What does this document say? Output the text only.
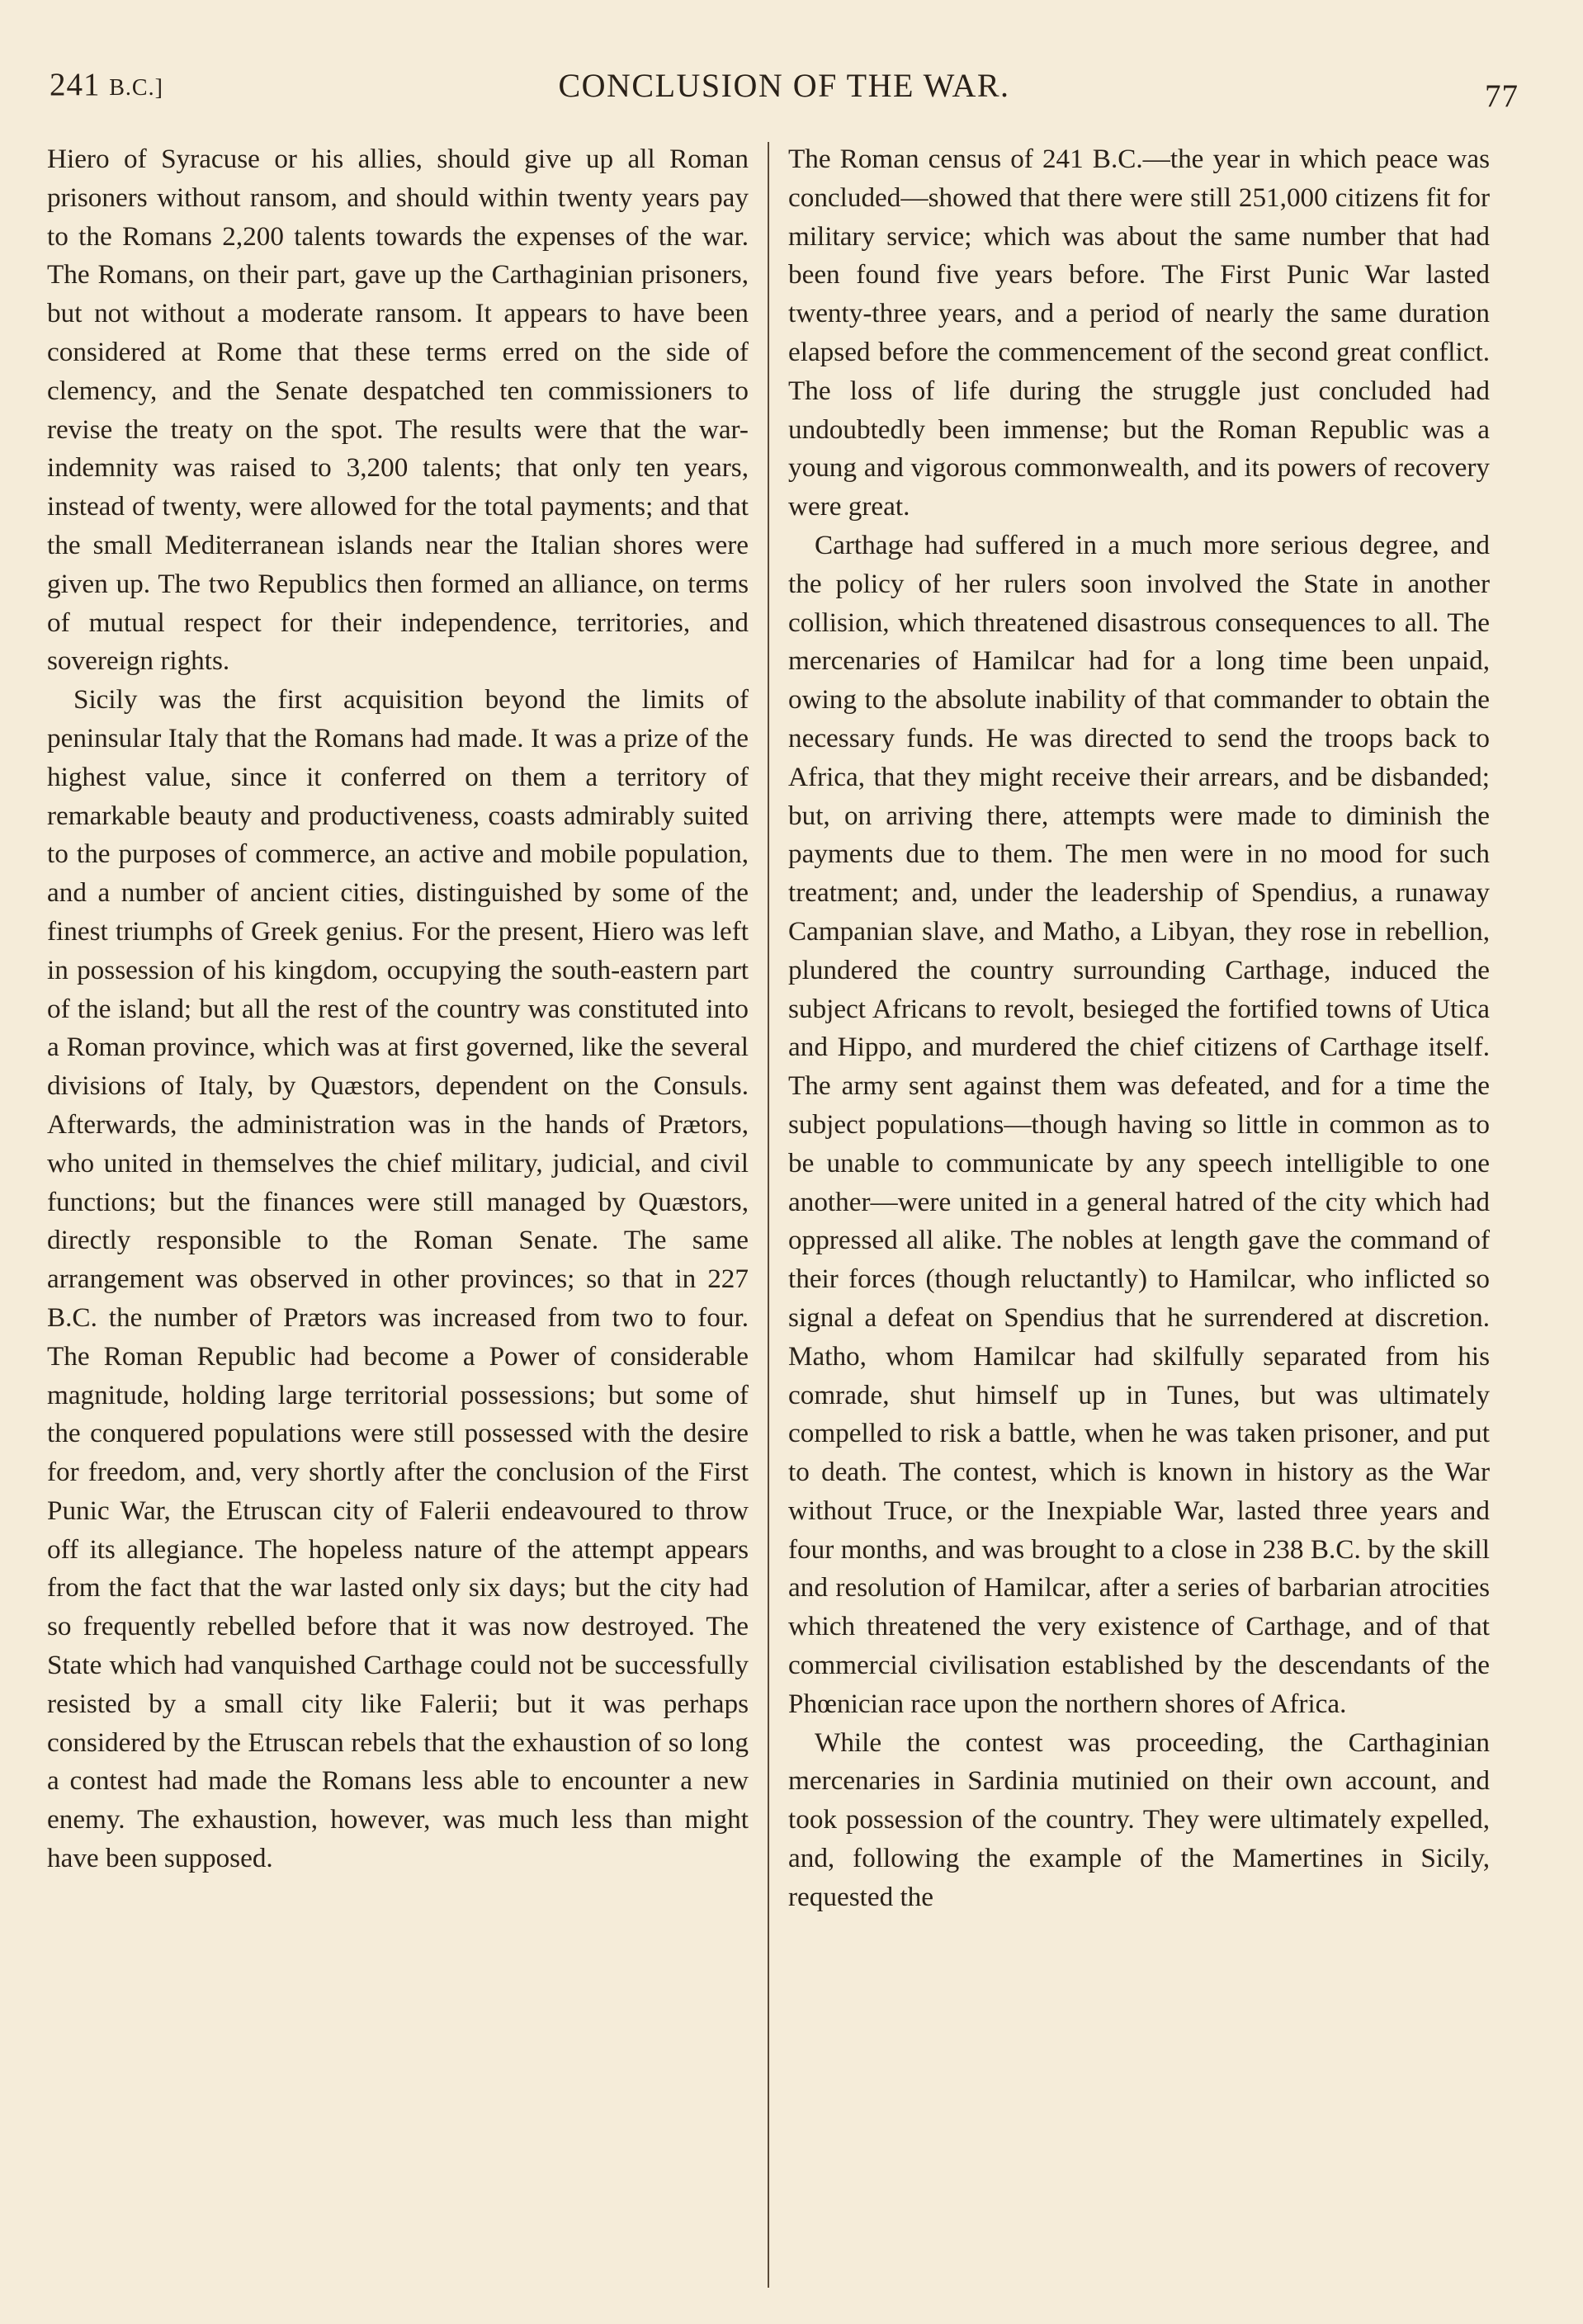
241 B.C.]	CONCLUSION OF THE WAR.	77

Hiero of Syracuse or his allies, should give up all Roman prisoners without ransom, and should within twenty years pay to the Romans 2,200 talents towards the expenses of the war. The Romans, on their part, gave up the Carthaginian prisoners, but not without a moderate ransom. It appears to have been considered at Rome that these terms erred on the side of clemency, and the Senate despatched ten commissioners to revise the treaty on the spot. The results were that the war-indemnity was raised to 3,200 talents; that only ten years, instead of twenty, were allowed for the total payments; and that the small Mediterranean islands near the Italian shores were given up. The two Republics then formed an alliance, on terms of mutual respect for their independence, territories, and sovereign rights.

Sicily was the first acquisition beyond the limits of peninsular Italy that the Romans had made. It was a prize of the highest value, since it conferred on them a territory of remarkable beauty and productiveness, coasts admirably suited to the purposes of commerce, an active and mobile population, and a number of ancient cities, distinguished by some of the finest triumphs of Greek genius. For the present, Hiero was left in possession of his kingdom, occupying the south-eastern part of the island; but all the rest of the country was constituted into a Roman province, which was at first governed, like the several divisions of Italy, by Quæstors, dependent on the Consuls. Afterwards, the administration was in the hands of Prætors, who united in themselves the chief military, judicial, and civil functions; but the finances were still managed by Quæstors, directly responsible to the Roman Senate. The same arrangement was observed in other provinces; so that in 227 B.C. the number of Prætors was increased from two to four. The Roman Republic had become a Power of considerable magnitude, holding large territorial possessions; but some of the conquered populations were still possessed with the desire for freedom, and, very shortly after the conclusion of the First Punic War, the Etruscan city of Falerii endeavoured to throw off its allegiance. The hopeless nature of the attempt appears from the fact that the war lasted only six days; but the city had so frequently rebelled before that it was now destroyed. The State which had vanquished Carthage could not be successfully resisted by a small city like Falerii; but it was perhaps considered by the Etruscan rebels that the exhaustion of so long a contest had made the Romans less able to encounter a new enemy. The exhaustion, however, was much less than might have been supposed.

The Roman census of 241 B.C.—the year in which peace was concluded—showed that there were still 251,000 citizens fit for military service; which was about the same number that had been found five years before. The First Punic War lasted twenty-three years, and a period of nearly the same duration elapsed before the commencement of the second great conflict. The loss of life during the struggle just concluded had undoubtedly been immense; but the Roman Republic was a young and vigorous commonwealth, and its powers of recovery were great.

Carthage had suffered in a much more serious degree, and the policy of her rulers soon involved the State in another collision, which threatened disastrous consequences to all. The mercenaries of Hamilcar had for a long time been unpaid, owing to the absolute inability of that commander to obtain the necessary funds. He was directed to send the troops back to Africa, that they might receive their arrears, and be disbanded; but, on arriving there, attempts were made to diminish the payments due to them. The men were in no mood for such treatment; and, under the leadership of Spendius, a runaway Campanian slave, and Matho, a Libyan, they rose in rebellion, plundered the country surrounding Carthage, induced the subject Africans to revolt, besieged the fortified towns of Utica and Hippo, and murdered the chief citizens of Carthage itself. The army sent against them was defeated, and for a time the subject populations—though having so little in common as to be unable to communicate by any speech intelligible to one another—were united in a general hatred of the city which had oppressed all alike. The nobles at length gave the command of their forces (though reluctantly) to Hamilcar, who inflicted so signal a defeat on Spendius that he surrendered at discretion. Matho, whom Hamilcar had skilfully separated from his comrade, shut himself up in Tunes, but was ultimately compelled to risk a battle, when he was taken prisoner, and put to death. The contest, which is known in history as the War without Truce, or the Inexpiable War, lasted three years and four months, and was brought to a close in 238 B.C. by the skill and resolution of Hamilcar, after a series of barbarian atrocities which threatened the very existence of Carthage, and of that commercial civilisation established by the descendants of the Phœnician race upon the northern shores of Africa.

While the contest was proceeding, the Carthaginian mercenaries in Sardinia mutinied on their own account, and took possession of the country. They were ultimately expelled, and, following the example of the Mamertines in Sicily, requested the
